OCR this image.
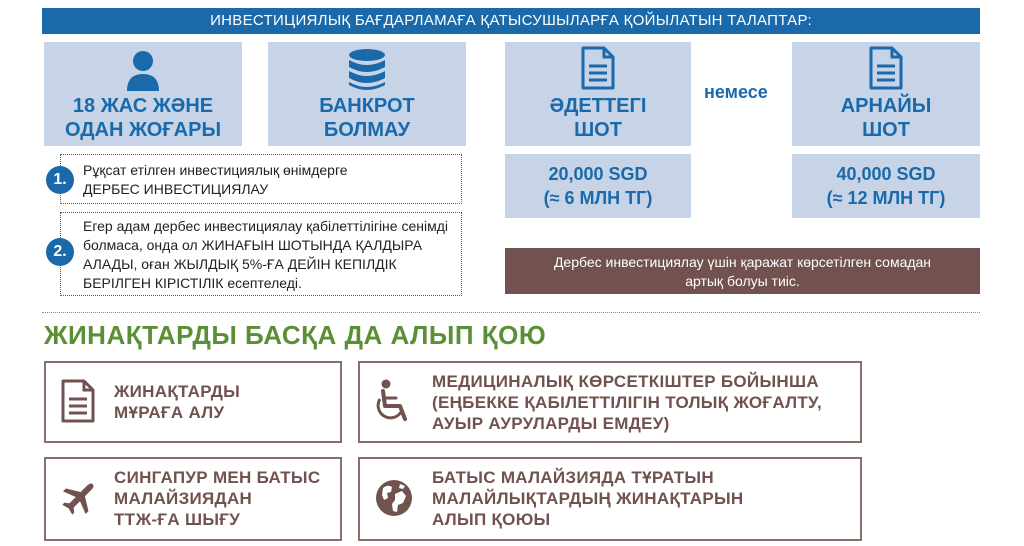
ИНВЕСТИЦИЯЛЫҚ БАҒДАРЛАМАҒА ҚАТЫСУШЫЛАРҒА ҚОЙЫЛАТЫН ТАЛАПТАР:
18 ЖАС ЖӘНЕ
ОДАН ЖОҒАРЫ
БАНКРОТ
БОЛМАУ
Рұқсат етілген инвестициялық өнімдерге
ДЕРБЕС ИНВЕСТИЦИЯЛАУ
1.
Егер адам дербес инвестициялау қабілеттілігіне сенімді
болмаса, онда ол ЖИНАҒЫН ШОТЫНДА ҚАЛДЫРА
АЛАДЫ, оған ЖЫЛДЫҚ 5%-ҒА ДЕЙІН КЕПІЛДІК
БЕРІЛГЕН КІРІСТІЛІК есептеледі.
2.
ӘДЕТТЕГІ
ШОТ
немесе
АРНАЙЫ
ШОТ
20,000 SGD
(≈ 6 МЛН ТГ)
40,000 SGD
(≈ 12 МЛН ТГ)
Дербес инвестициялау үшін қаражат көрсетілген сомадан
артық болуы тиіс.
ЖИНАҚТАРДЫ БАСҚА ДА АЛЫП ҚОЮ
ЖИНАҚТАРДЫ
МҰРАҒА АЛУ
МЕДИЦИНАЛЫҚ КӨРСЕТКІШТЕР БОЙЫНША
(ЕҢБЕККЕ ҚАБІЛЕТТІЛІГІН ТОЛЫҚ ЖОҒАЛТУ,
АУЫР АУРУЛАРДЫ ЕМДЕУ)
СИНГАПУР МЕН БАТЫС
МАЛАЙЗИЯДАН
ТТЖ-ҒА ШЫҒУ
БАТЫС МАЛАЙЗИЯДА ТҰРАТЫН
МАЛАЙЛЫҚТАРДЫҢ ЖИНАҚТАРЫН
АЛЫП ҚОЮЫ
